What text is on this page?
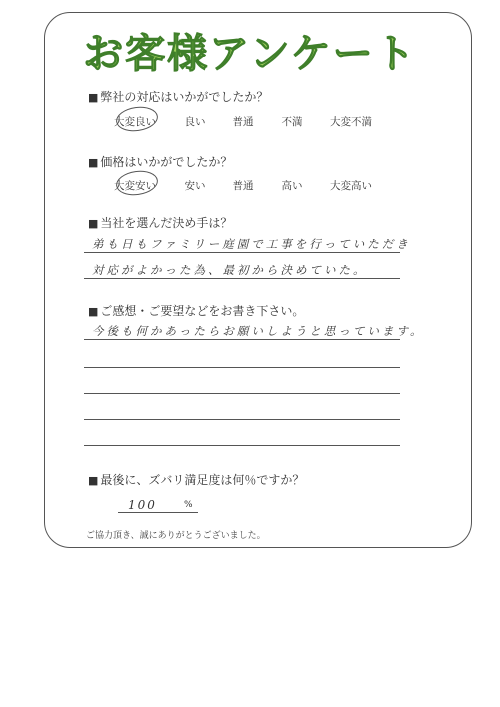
お客様アンケート
■ 弊社の対応はいかがでしたか？
大変良い	良い	普通	不満	大変不満
■ 価格はいかがでしたか？
大変安い	安い	普通	高い	大変高い
■ 当社を選んだ決め手は？
弟も日もファミリー庭園で工事を行っていただき
対応がよかった為、最初から決めていた。
■ ご感想・ご要望などをお書き下さい。
今後も何かあったらお願いしようと思っています。
■ 最後に、ズバリ満足度は何％ですか？
100	%
ご協力頂き、誠にありがとうございました。
